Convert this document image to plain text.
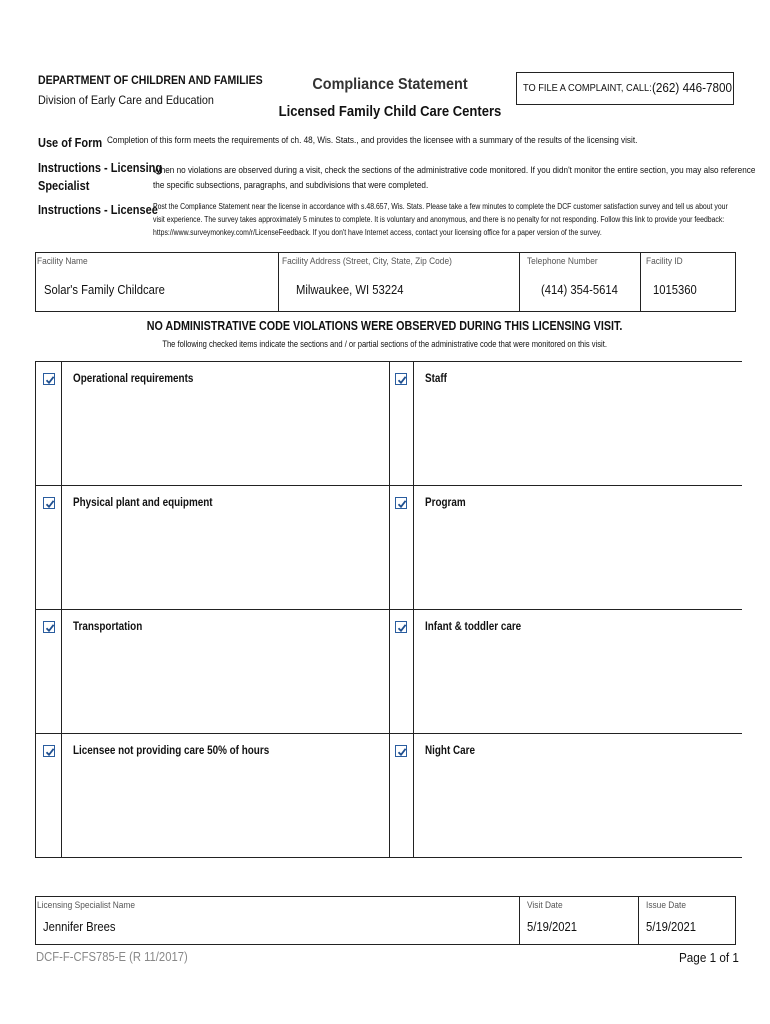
DEPARTMENT OF CHILDREN AND FAMILIES
Division of Early Care and Education
Compliance Statement
Licensed Family Child Care Centers
TO FILE A COMPLAINT, CALL: (262) 446-7800
Use of Form Completion of this form meets the requirements of ch. 48, Wis. Stats., and provides the licensee with a summary of the results of the licensing visit.
Instructions - Licensing
Specialist
When no violations are observed during a visit, check the sections of the administrative code monitored. If you didn't monitor the entire section, you may also reference
the specific subsections, paragraphs, and subdivisions that were completed.
Instructions - Licensee
Post the Compliance Statement near the license in accordance with s.48.657, Wis. Stats. Please take a few minutes to complete the DCF customer satisfaction survey and tell us about your
visit experience. The survey takes approximately 5 minutes to complete. It is voluntary and anonymous, and there is no penalty for not responding. Follow this link to provide your feedback:
https://www.surveymonkey.com/r/LicenseFeedback. If you don't have Internet access, contact your licensing office for a paper version of the survey.
Facility Name
Solar's Family Childcare
Facility Address (Street, City, State, Zip Code)
Milwaukee, WI 53224
Telephone Number
(414) 354-5614
Facility ID
1015360
NO ADMINISTRATIVE CODE VIOLATIONS WERE OBSERVED DURING THIS LICENSING VISIT.
The following checked items indicate the sections and / or partial sections of the administrative code that were monitored on this visit.
Operational requirements	Staff
Physical plant and equipment	Program
Transportation	Infant & toddler care
Licensee not providing care 50% of hours	Night Care
Licensing Specialist Name
Jennifer Brees
Visit Date
5/19/2021
Issue Date
5/19/2021
DCF-F-CFS785-E (R 11/2017)	Page 1 of 1
